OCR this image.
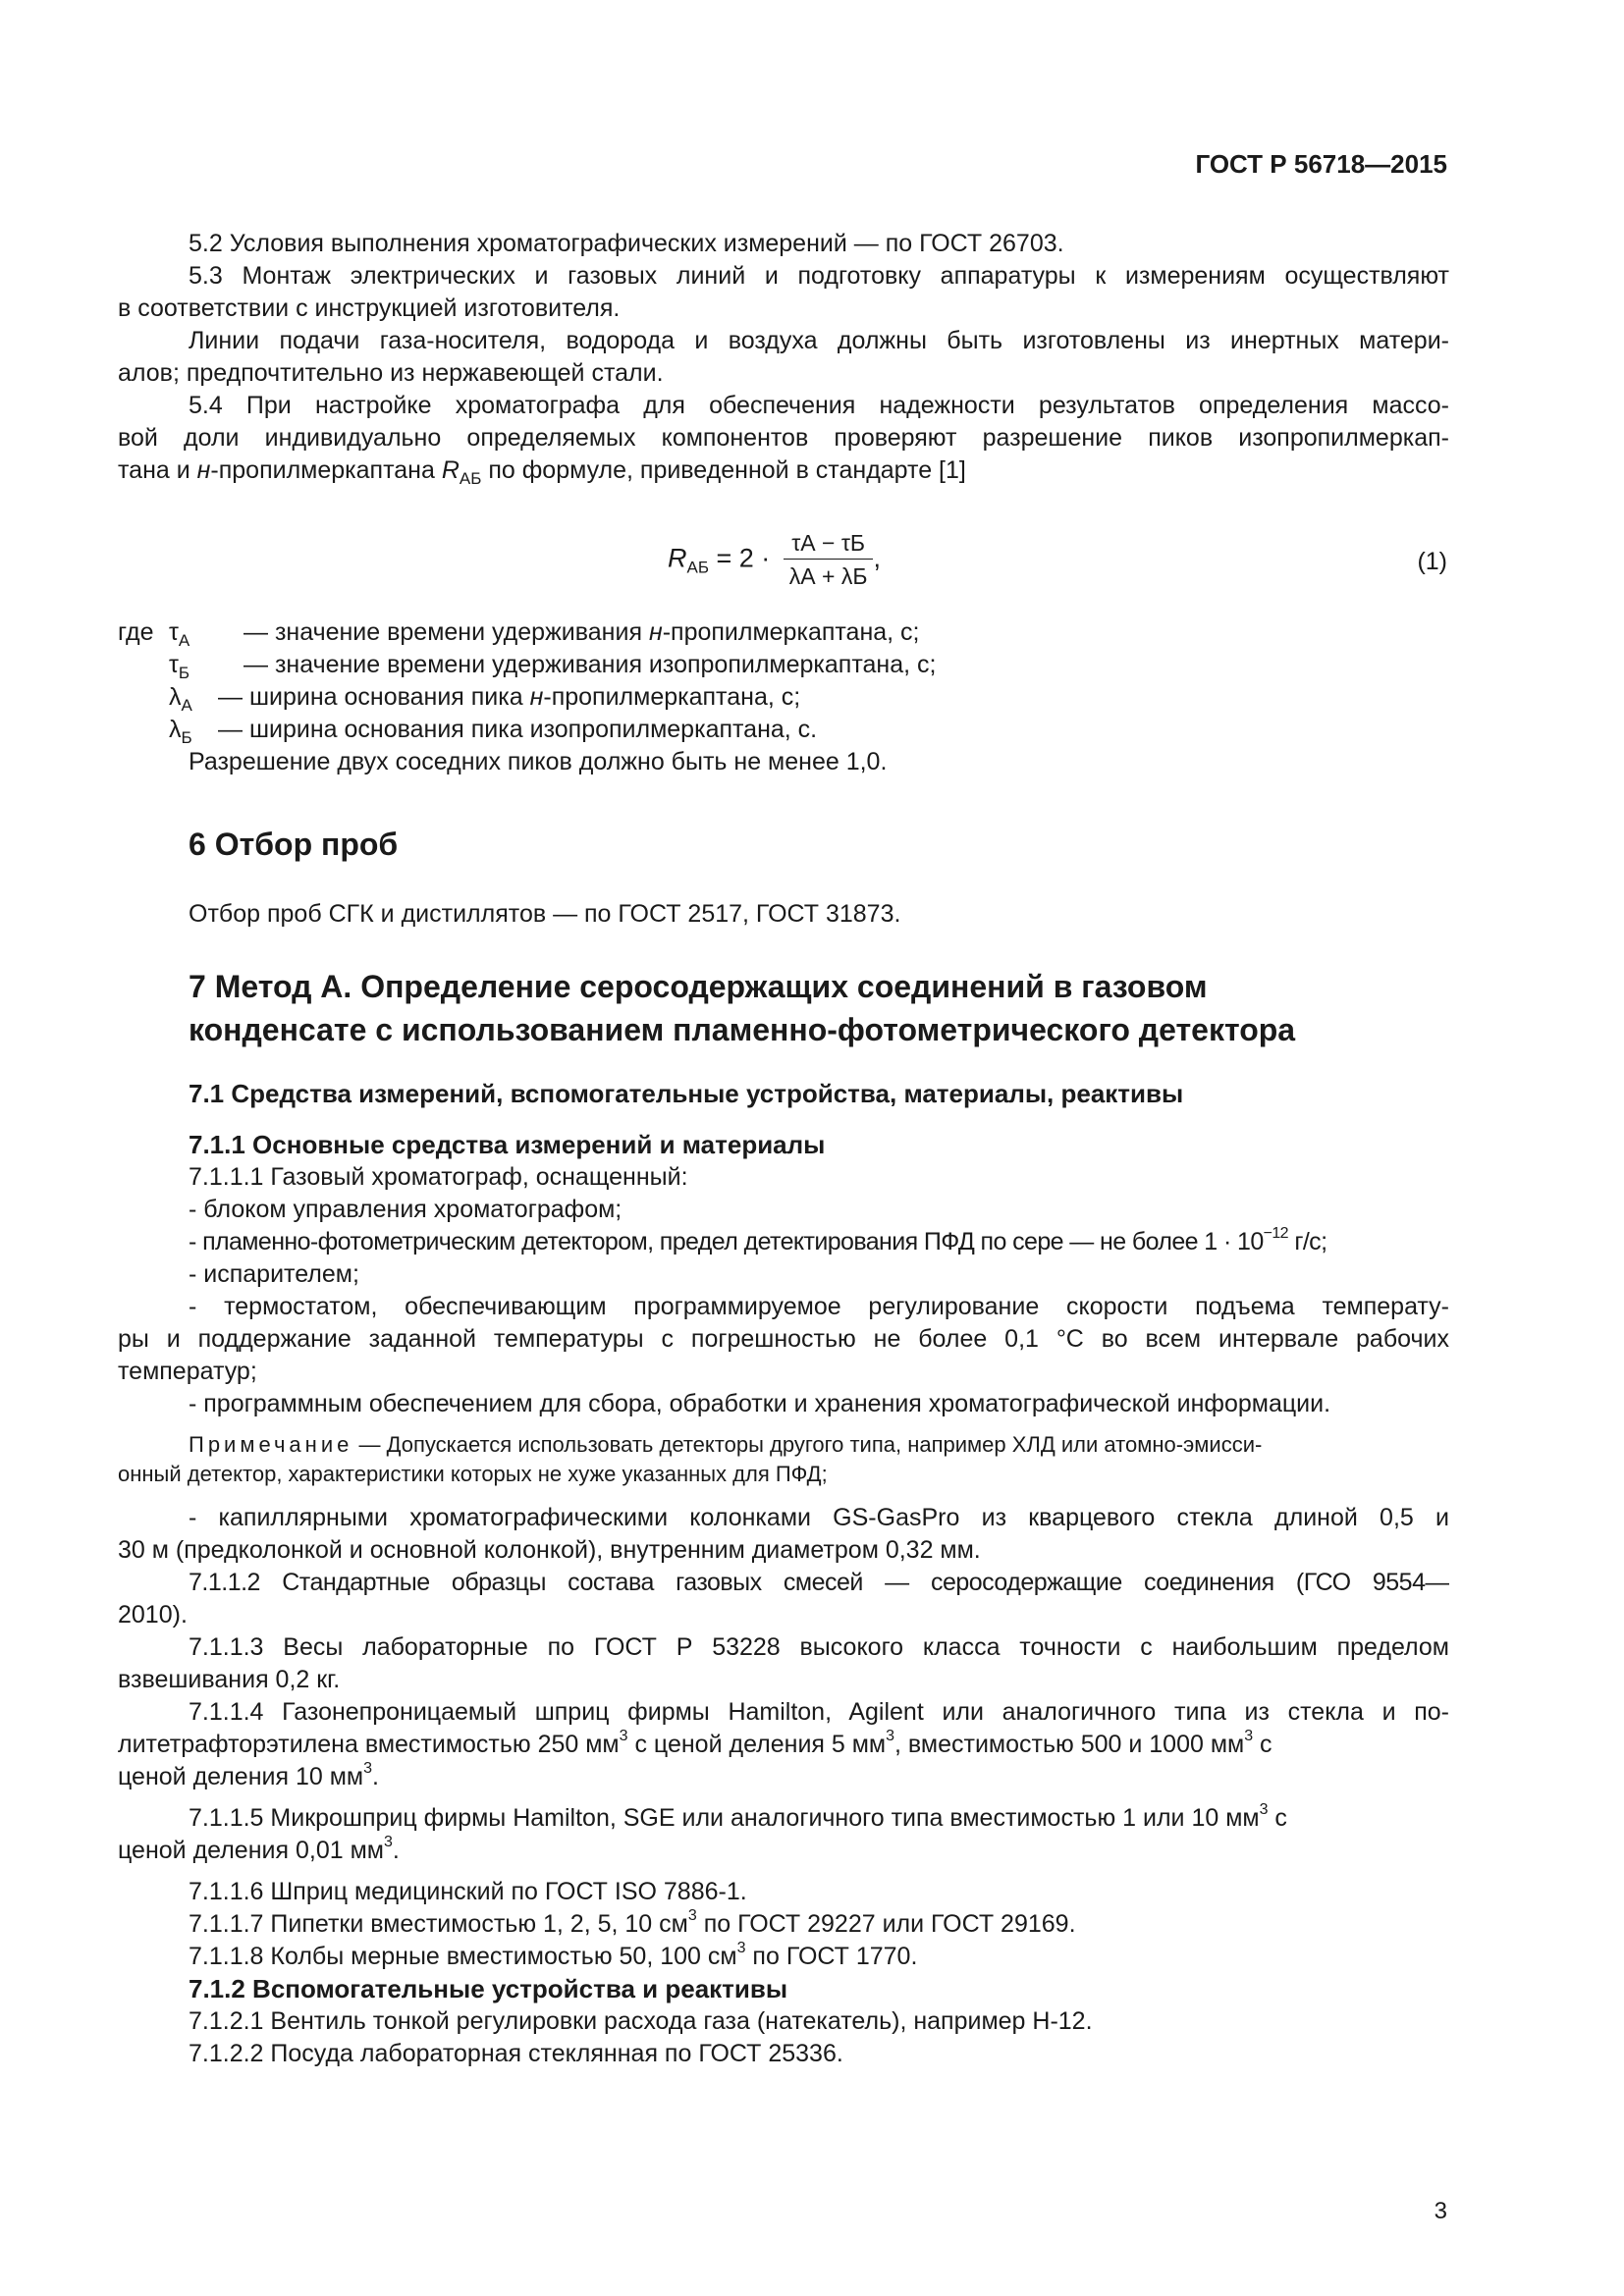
ГОСТ Р 56718—2015
5.2 Условия выполнения хроматографических измерений — по ГОСТ 26703.
5.3 Монтаж электрических и газовых линий и подготовку аппаратуры к измерениям осуществляют
в соответствии с инструкцией изготовителя.
Линии подачи газа-носителя, водорода и воздуха должны быть изготовлены из инертных матери-
алов; предпочтительно из нержавеющей стали.
5.4 При настройке хроматографа для обеспечения надежности результатов определения массо-
вой доли индивидуально определяемых компонентов проверяют разрешение пиков изопропилмеркап-
тана и н-пропилмеркаптана $R_{АБ}$ по формуле, приведенной в стандарте [1]
$R_{АБ} = 2 \cdot \frac{\tau А - \tau Б}{\lambda А + \lambda Б}$ ,	(1)
где $\tau_А$ — значение времени удерживания н-пропилмеркаптана, с;
$\tau_Б$ — значение времени удерживания изопропилмеркаптана, с;
$\lambda_А$ — ширина основания пика н-пропилмеркаптана, с;
$\lambda_Б$ — ширина основания пика изопропилмеркаптана, с.
Разрешение двух соседних пиков должно быть не менее 1,0.
6 Отбор проб
Отбор проб СГК и дистиллятов — по ГОСТ 2517, ГОСТ 31873.
7 Метод А. Определение серосодержащих соединений в газовом
конденсате с использованием пламенно-фотометрического детектора
7.1 Средства измерений, вспомогательные устройства, материалы, реактивы
7.1.1 Основные средства измерений и материалы
7.1.1.1 Газовый хроматограф, оснащенный:
- блоком управления хроматографом;
- пламенно-фотометрическим детектором, предел детектирования ПФД по сере — не более $1 \cdot 10^{-12}$ г/с;
- испарителем;
- термостатом, обеспечивающим программируемое регулирование скорости подъема температу-
ры и поддержание заданной температуры с погрешностью не более 0,1 °С во всем интервале рабочих
температур;
- программным обеспечением для сбора, обработки и хранения хроматографической информации.
Примечание — Допускается использовать детекторы другого типа, например ХЛД или атомно-эмисси-
онный детектор, характеристики которых не хуже указанных для ПФД;
- капиллярными хроматографическими колонками GS-GasPro из кварцевого стекла длиной 0,5 и
30 м (предколонкой и основной колонкой), внутренним диаметром 0,32 мм.
7.1.1.2 Стандартные образцы состава газовых смесей — серосодержащие соединения (ГСО 9554—
2010).
7.1.1.3 Весы лабораторные по ГОСТ Р 53228 высокого класса точности с наибольшим пределом
взвешивания 0,2 кг.
7.1.1.4 Газонепроницаемый шприц фирмы Hamilton, Agilent или аналогичного типа из стекла и по-
литетрафторэтилена вместимостью 250 $мм^3$ с ценой деления 5 $мм^3$, вместимостью 500 и 1000 $мм^3$ с
ценой деления 10 $мм^3$.
7.1.1.5 Микрошприц фирмы Hamilton, SGE или аналогичного типа вместимостью 1 или 10 $мм^3$ с
ценой деления 0,01 $мм^3$.
7.1.1.6 Шприц медицинский по ГОСТ ISO 7886-1.
7.1.1.7 Пипетки вместимостью 1, 2, 5, 10 $см^3$ по ГОСТ 29227 или ГОСТ 29169.
7.1.1.8 Колбы мерные вместимостью 50, 100 $см^3$ по ГОСТ 1770.
7.1.2 Вспомогательные устройства и реактивы
7.1.2.1 Вентиль тонкой регулировки расхода газа (натекатель), например Н-12.
7.1.2.2 Посуда лабораторная стеклянная по ГОСТ 25336.
3
